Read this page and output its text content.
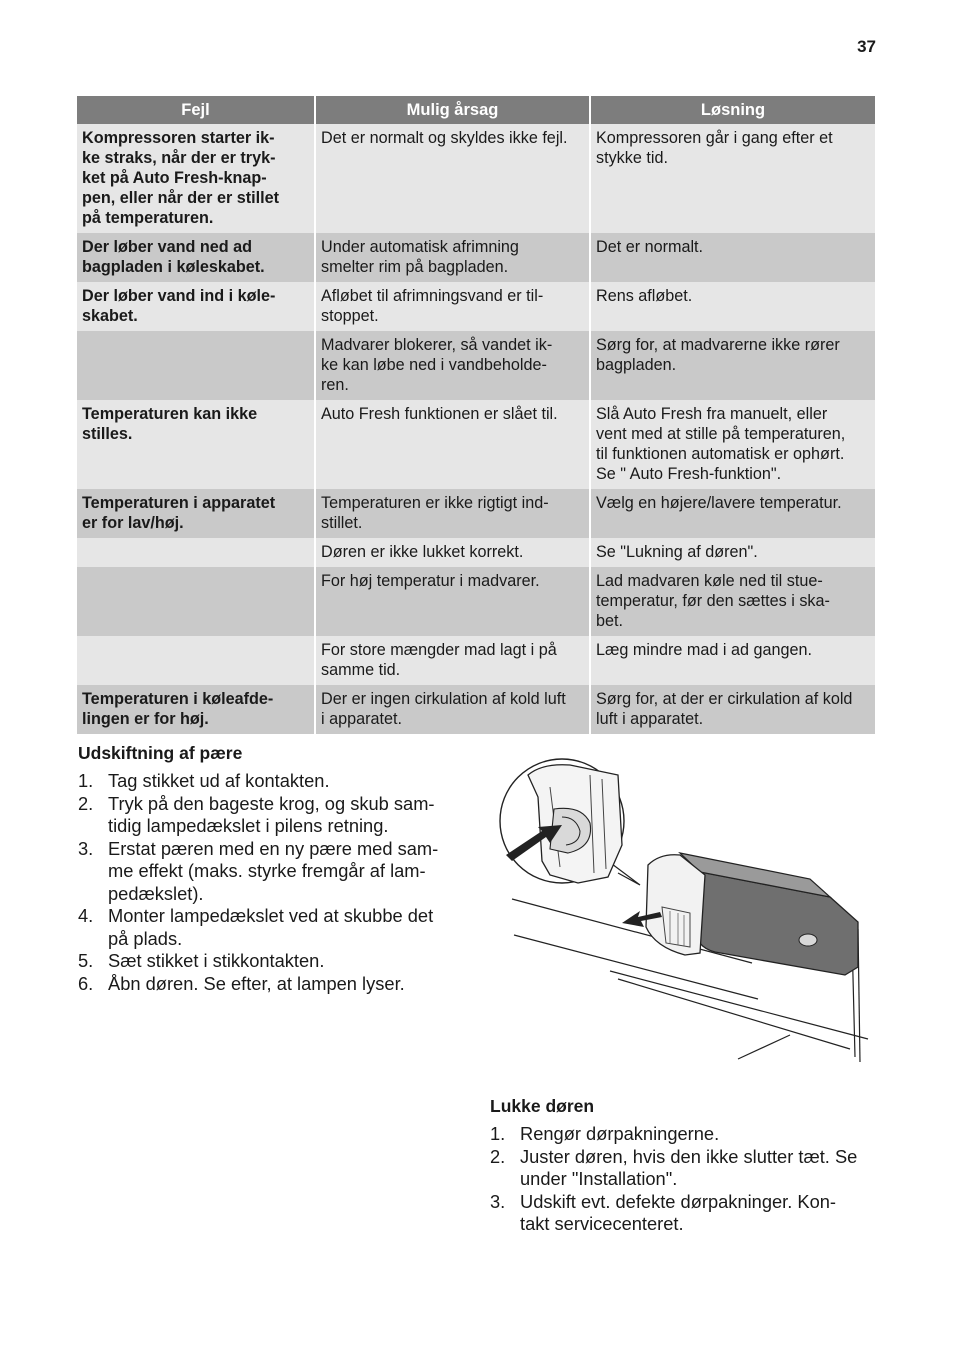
37
Fejl	Mulig årsag	Løsning
Kompressoren starter ik-
ke straks, når der er tryk-
ket på Auto Fresh-knap-
pen, eller når der er stillet
på temperaturen.	Det er normalt og skyldes ikke fejl.	Kompressoren går i gang efter et
stykke tid.
Der løber vand ned ad
bagpladen i køleskabet.	Under automatisk afrimning
smelter rim på bagpladen.	Det er normalt.
Der løber vand ind i køle-
skabet.	Afløbet til afrimningsvand er til-
stoppet.	Rens afløbet.
	Madvarer blokerer, så vandet ik-
ke kan løbe ned i vandbeholde-
ren.	Sørg for, at madvarerne ikke rører
bagpladen.
Temperaturen kan ikke
stilles.	Auto Fresh funktionen er slået til.	Slå Auto Fresh fra manuelt, eller
vent med at stille på temperaturen,
til funktionen automatisk er ophørt.
Se " Auto Fresh-funktion".
Temperaturen i apparatet
er for lav/høj.	Temperaturen er ikke rigtigt ind-
stillet.	Vælg en højere/lavere temperatur.
	Døren er ikke lukket korrekt.	Se "Lukning af døren".
	For høj temperatur i madvarer.	Lad madvaren køle ned til stue-
temperatur, før den sættes i ska-
bet.
	For store mængder mad lagt i på
samme tid.	Læg mindre mad i ad gangen.
Temperaturen i køleafde-
lingen er for høj.	Der er ingen cirkulation af kold luft
i apparatet.	Sørg for, at der er cirkulation af kold
luft i apparatet.
Udskiftning af pære
1. Tag stikket ud af kontakten.
2. Tryk på den bageste krog, og skub sam-
tidig lampedækslet i pilens retning.
3. Erstat pæren med en ny pære med sam-
me effekt (maks. styrke fremgår af lam-
pedækslet).
4. Monter lampedækslet ved at skubbe det
på plads.
5. Sæt stikket i stikkontakten.
6. Åbn døren. Se efter, at lampen lyser.
Lukke døren
1. Rengør dørpakningerne.
2. Juster døren, hvis den ikke slutter tæt. Se
under "Installation".
3. Udskift evt. defekte dørpakninger. Kon-
takt servicecenteret.
